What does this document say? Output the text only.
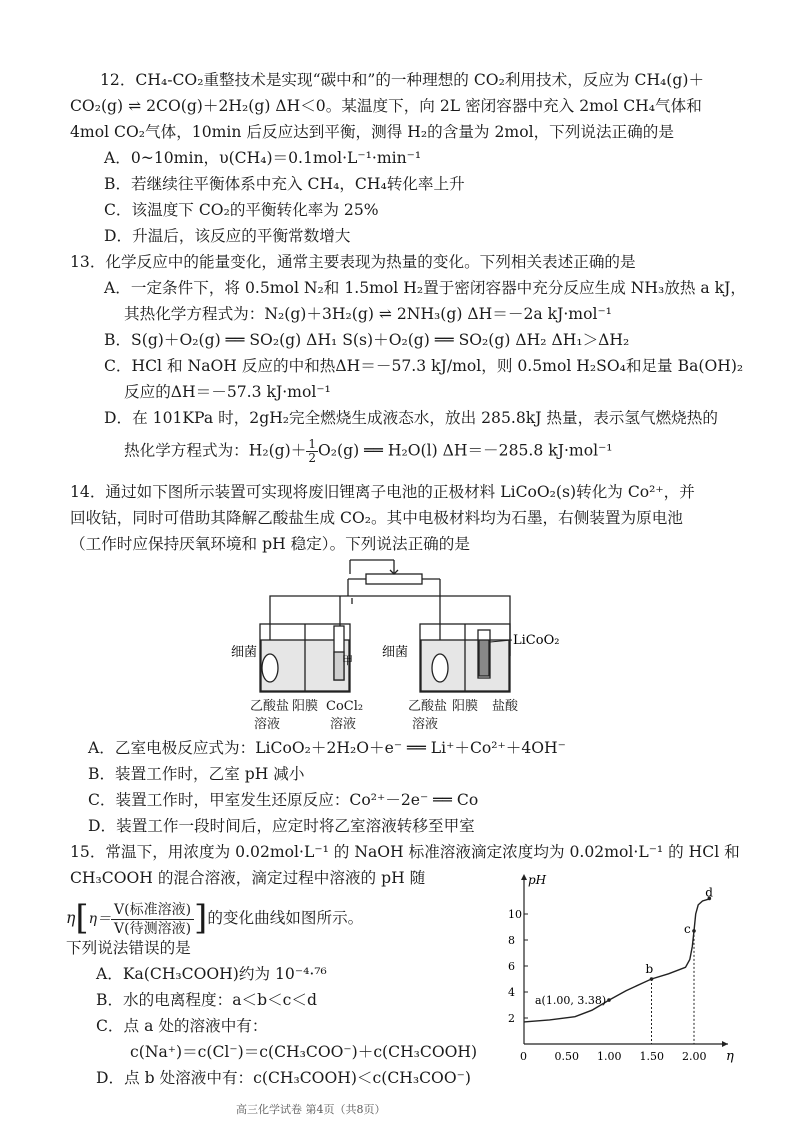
12．CH₄-CO₂重整技术是实现“碳中和”的一种理想的 CO₂利用技术，反应为 CH₄(g)＋
CO₂(g) ⇌ 2CO(g)＋2H₂(g) ΔH＜0。某温度下，向 2L 密闭容器中充入 2mol CH₄气体和
4mol CO₂气体，10min 后反应达到平衡，测得 H₂的含量为 2mol，下列说法正确的是
A．0~10min，υ(CH₄)＝0.1mol·L⁻¹·min⁻¹
B．若继续往平衡体系中充入 CH₄，CH₄转化率上升
C．该温度下 CO₂的平衡转化率为 25%
D．升温后，该反应的平衡常数增大
13．化学反应中的能量变化，通常主要表现为热量的变化。下列相关表述正确的是
A．一定条件下，将 0.5mol N₂和 1.5mol H₂置于密闭容器中充分反应生成 NH₃放热 a kJ，
其热化学方程式为：N₂(g)＋3H₂(g) ⇌ 2NH₃(g) ΔH＝－2a kJ·mol⁻¹
B．S(g)＋O₂(g) ══ SO₂(g) ΔH₁ S(s)＋O₂(g) ══ SO₂(g) ΔH₂ ΔH₁＞ΔH₂
C．HCl 和 NaOH 反应的中和热ΔH＝－57.3 kJ/mol，则 0.5mol H₂SO₄和足量 Ba(OH)₂
反应的ΔH＝－57.3 kJ·mol⁻¹
D．在 101KPa 时，2gH₂完全燃烧生成液态水，放出 285.8kJ 热量，表示氢气燃烧热的
热化学方程式为：$H_2(g)+ \frac{1}{2} O_2(g)$ ══ H₂O(l) ΔH＝－285.8 kJ·mol⁻¹
14．通过如下图所示装置可实现将废旧锂离子电池的正极材料 LiCoO₂(s)转化为 Co²⁺，并
回收钴，同时可借助其降解乙酸盐生成 CO₂。其中电极材料均为石墨，右侧装置为原电池
（工作时应保持厌氧环境和 pH 稳定）。下列说法正确的是
细菌
甲
细菌
LiCoO₂
乙酸盐
溶液
阳膜 CoCl₂
溶液
乙酸盐
溶液
阳膜 盐酸
A．乙室电极反应式为：LiCoO₂＋2H₂O＋e⁻ ══ Li⁺＋Co²⁺＋4OH⁻
B．装置工作时，乙室 pH 减小
C．装置工作时，甲室发生还原反应：Co²⁺－2e⁻ ══ Co
D．装置工作一段时间后，应定时将乙室溶液转移至甲室
15．常温下，用浓度为 0.02mol·L⁻¹ 的 NaOH 标准溶液滴定浓度均为 0.02mol·L⁻¹ 的 HCl 和
CH₃COOH 的混合溶液，滴定过程中溶液的 pH 随
$\eta[\eta= \frac{\text{V(标准溶液)}}{\text{V(待测溶液)}}$ ]的变化曲线如图所示。
下列说法错误的是
A．Ka(CH₃COOH)约为 10⁻⁴·⁷⁶
B．水的电离程度：a＜b＜c＜d
C．点 a 处的溶液中有：
c(Na⁺)＝c(Cl⁻)＝c(CH₃COO⁻)＋c(CH₃COOH)
D．点 b 处溶液中有：c(CH₃COOH)＜c(CH₃COO⁻)
pH
η
0	0.50 1.00 1.50 2.00
2
4
6
8
10
a(1.00, 3.38)
b
c
d
高三化学试卷 第4页（共8页）
